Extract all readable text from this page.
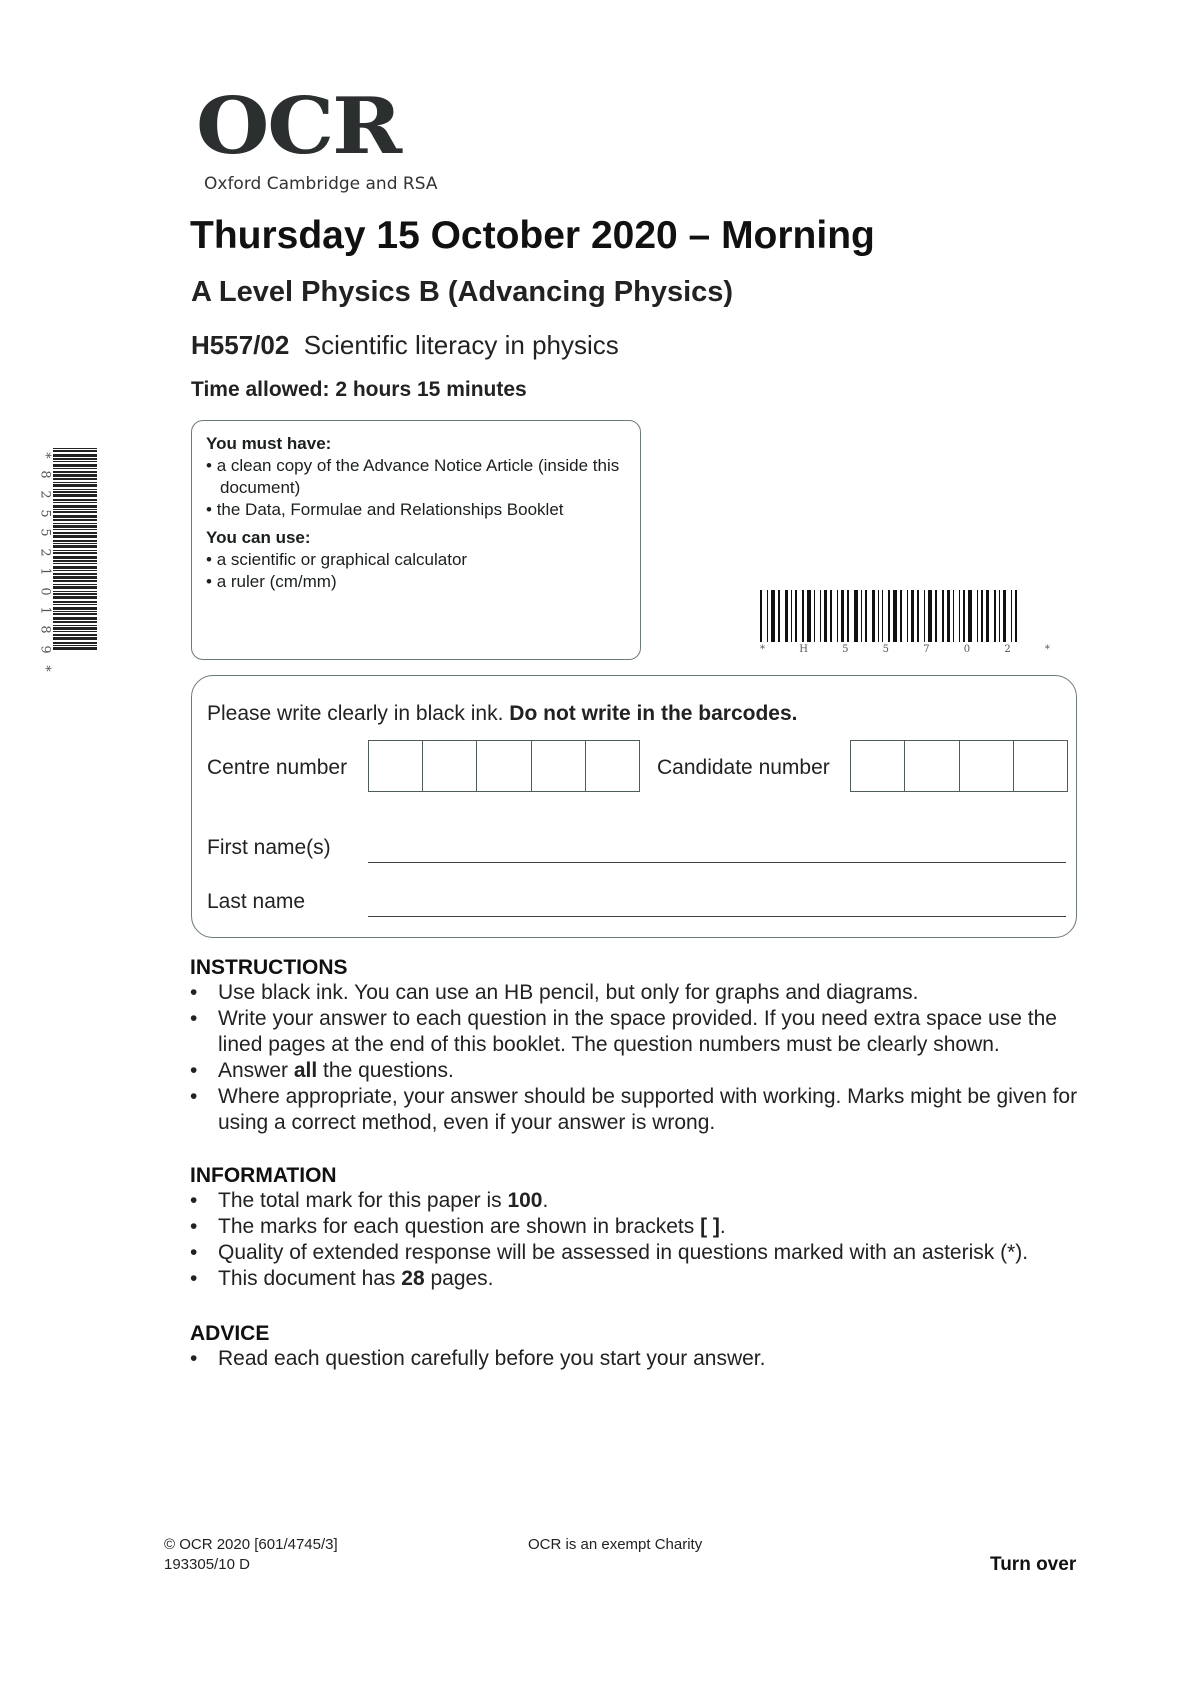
OCR
Oxford Cambridge and RSA
Thursday 15 October 2020 – Morning
A Level Physics B (Advancing Physics)
H557/02 Scientific literacy in physics
Time allowed: 2 hours 15 minutes
You must have:
• a clean copy of the Advance Notice Article (inside this document)
• the Data, Formulae and Relationships Booklet
You can use:
• a scientific or graphical calculator
• a ruler (cm/mm)
*	H	5	5	7	0	2	*
*
8
2
5
5
2
1
0
1
8
9
*
Please write clearly in black ink. Do not write in the barcodes.
Centre number	Candidate number
First name(s)
Last name
INSTRUCTIONS
• Use black ink. You can use an HB pencil, but only for graphs and diagrams.
• Write your answer to each question in the space provided. If you need extra space use the lined pages at the end of this booklet. The question numbers must be clearly shown.
• Answer all the questions.
• Where appropriate, your answer should be supported with working. Marks might be given for using a correct method, even if your answer is wrong.
INFORMATION
• The total mark for this paper is 100.
• The marks for each question are shown in brackets [ ].
• Quality of extended response will be assessed in questions marked with an asterisk (*).
• This document has 28 pages.
ADVICE
• Read each question carefully before you start your answer.
© OCR 2020 [601/4745/3]
193305/10 D
OCR is an exempt Charity
Turn over
